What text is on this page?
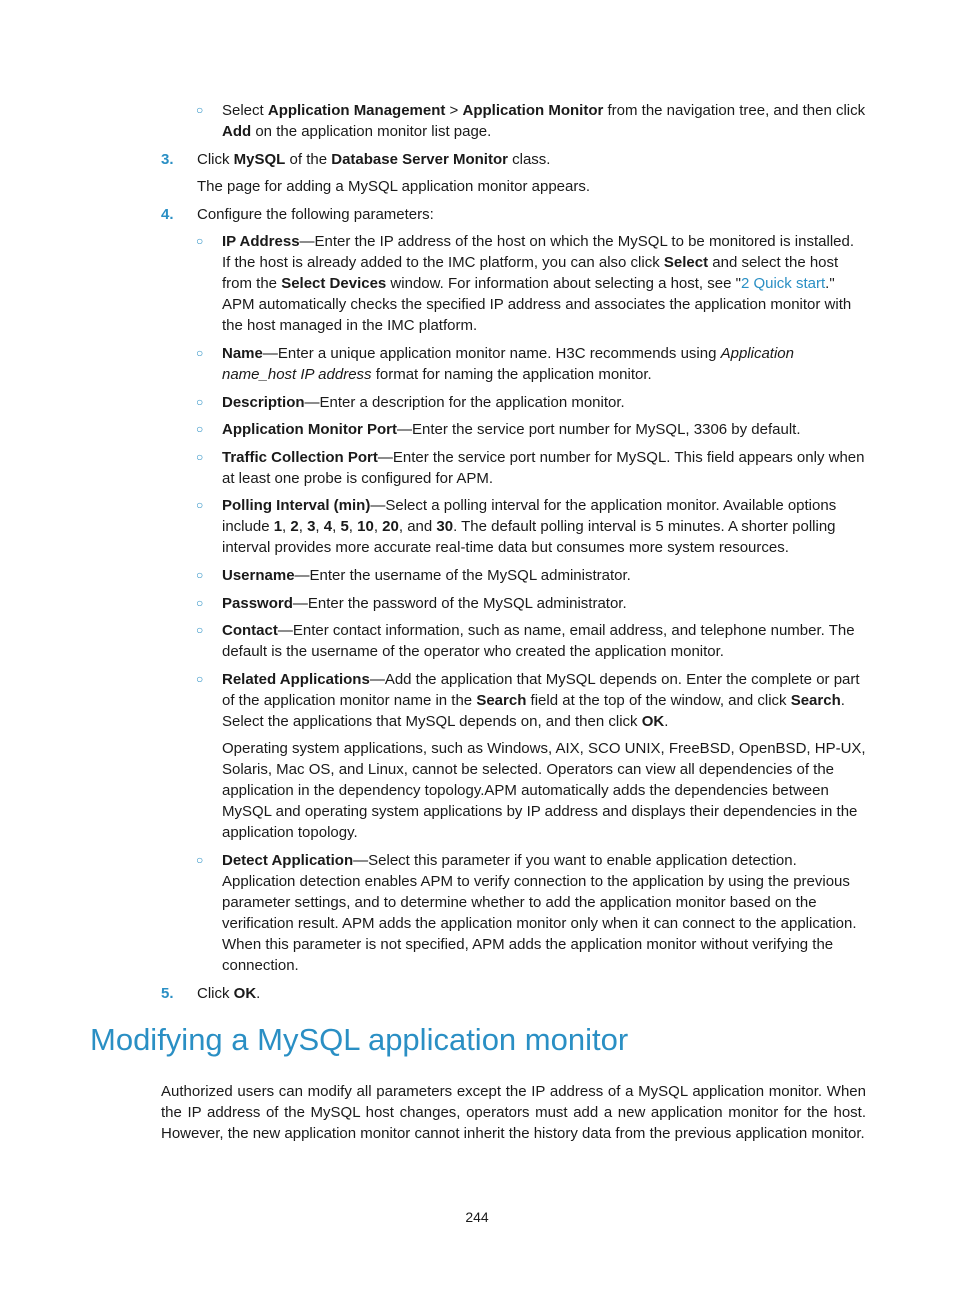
○ Select Application Management > Application Monitor from the navigation tree, and then click Add on the application monitor list page.

3. Click MySQL of the Database Server Monitor class.

The page for adding a MySQL application monitor appears.

4. Configure the following parameters:

○ IP Address—Enter the IP address of the host on which the MySQL to be monitored is installed. If the host is already added to the IMC platform, you can also click Select and select the host from the Select Devices window. For information about selecting a host, see "2 Quick start." APM automatically checks the specified IP address and associates the application monitor with the host managed in the IMC platform.

○ Name—Enter a unique application monitor name. H3C recommends using Application name_host IP address format for naming the application monitor.

○ Description—Enter a description for the application monitor.

○ Application Monitor Port—Enter the service port number for MySQL, 3306 by default.

○ Traffic Collection Port—Enter the service port number for MySQL. This field appears only when at least one probe is configured for APM.

○ Polling Interval (min)—Select a polling interval for the application monitor. Available options include 1, 2, 3, 4, 5, 10, 20, and 30. The default polling interval is 5 minutes. A shorter polling interval provides more accurate real-time data but consumes more system resources.

○ Username—Enter the username of the MySQL administrator.

○ Password—Enter the password of the MySQL administrator.

○ Contact—Enter contact information, such as name, email address, and telephone number. The default is the username of the operator who created the application monitor.

○ Related Applications—Add the application that MySQL depends on. Enter the complete or part of the application monitor name in the Search field at the top of the window, and click Search. Select the applications that MySQL depends on, and then click OK.

Operating system applications, such as Windows, AIX, SCO UNIX, FreeBSD, OpenBSD, HP-UX, Solaris, Mac OS, and Linux, cannot be selected. Operators can view all dependencies of the application in the dependency topology.APM automatically adds the dependencies between MySQL and operating system applications by IP address and displays their dependencies in the application topology.

○ Detect Application—Select this parameter if you want to enable application detection. Application detection enables APM to verify connection to the application by using the previous parameter settings, and to determine whether to add the application monitor based on the verification result. APM adds the application monitor only when it can connect to the application. When this parameter is not specified, APM adds the application monitor without verifying the connection.

5. Click OK.

Modifying a MySQL application monitor

Authorized users can modify all parameters except the IP address of a MySQL application monitor. When the IP address of the MySQL host changes, operators must add a new application monitor for the host. However, the new application monitor cannot inherit the history data from the previous application monitor.

244
